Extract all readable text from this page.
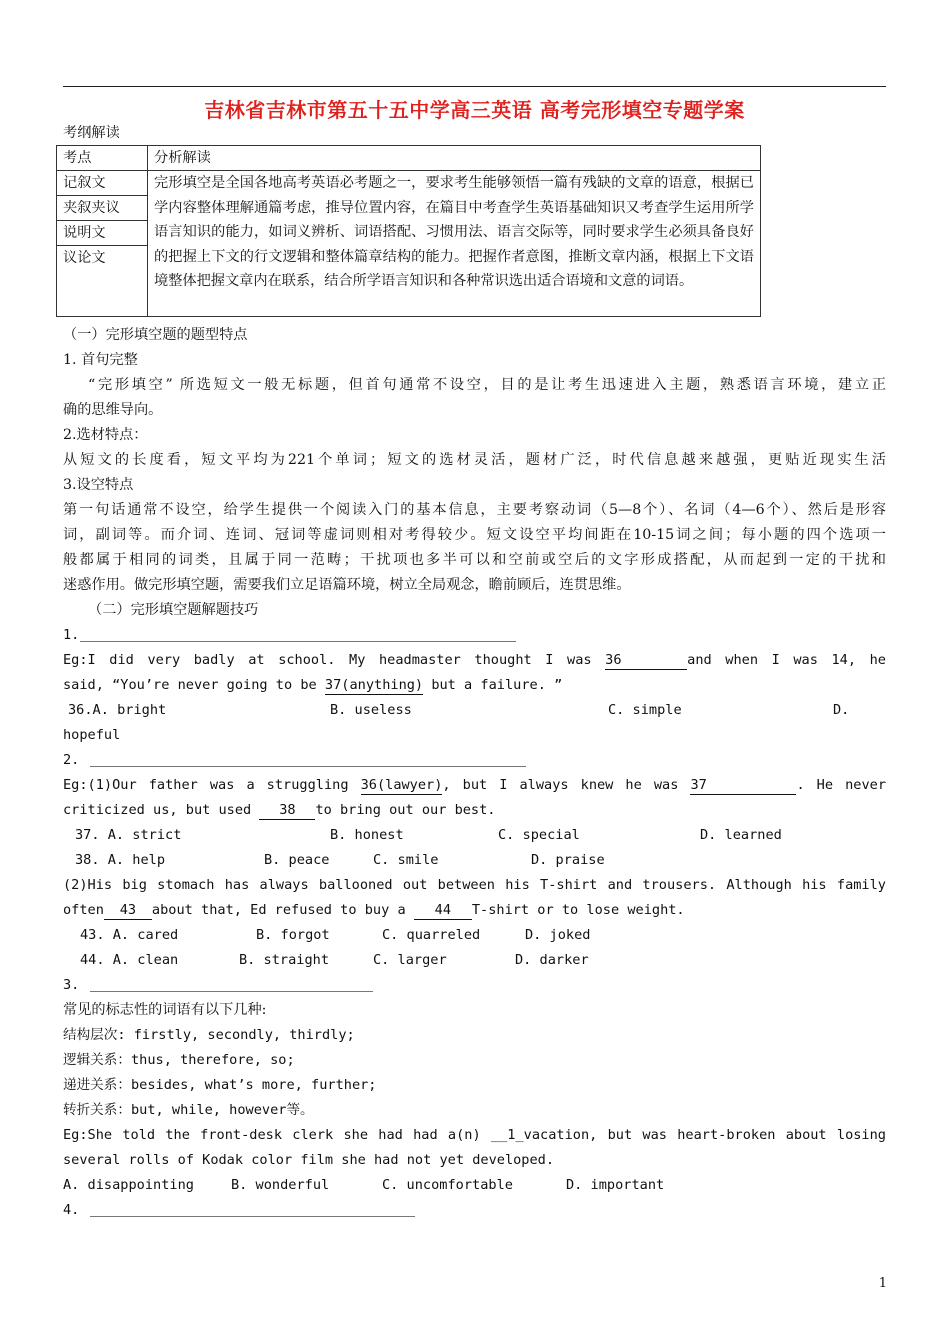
吉林省吉林市第五十五中学高三英语 高考完形填空专题学案
考纲解读
考点	分析解读
记叙文	完形填空是全国各地高考英语必考题之一，要求考生能够领悟一篇有残缺的文章的语意，根据已学内容整体理解通篇考虑，推导位置内容，在篇目中考查学生英语基础知识又考查学生运用所学语言知识的能力，如词义辨析、词语搭配、习惯用法、语言交际等，同时要求学生必须具备良好的把握上下文的行文逻辑和整体篇章结构的能力。把握作者意图，推断文章内涵，根据上下文语境整体把握文章内在联系，结合所学语言知识和各种常识选出适合语境和文意的词语。
夹叙夹议	
说明文	
议论文	
（一）完形填空题的题型特点
1. 首句完整
“完形填空” 所选短文一般无标题，但首句通常不设空，目的是让考生迅速进入主题，熟悉语言环境，建立正
确的思维导向。
2.选材特点：
从短文的长度看，短文平均为221个单词；短文的选材灵活，题材广泛，时代信息越来越强，更贴近现实生活
3.设空特点
第一句话通常不设空，给学生提供一个阅读入门的基本信息，主要考察动词（5—8个）、名词（4—6个）、然后是形容
词，副词等。而介词、连词、冠词等虚词则相对考得较少。短文设空平均间距在10-15词之间；每小题的四个选项一
般都属于相同的词类，且属于同一范畴；干扰项也多半可以和空前或空后的文字形成搭配，从而起到一定的干扰和
迷惑作用。做完形填空题，需要我们立足语篇环境，树立全局观念，瞻前顾后，连贯思维。
（二）完形填空题解题技巧
1.
Eg:I did very badly at school. My headmaster thought I was 36	and when I was 14, he
said, “You’re never going to be 37(anything) but a failure. ”
36.A. bright	B. useless	C. simple	D.
hopeful
2.
Eg:(1)Our father was a struggling 36(lawyer), but I always knew he was 37	. He never
criticized us, but used 38 to bring out our best.
37. A. strict	B. honest	C. special	D. learned
38. A. help	B. peace	C. smile	D. praise
(2)His big stomach has always ballooned out between his T-shirt and trousers. Although his family
often 43 about that, Ed refused to buy a 44 T-shirt or to lose weight.
43. A. cared	B. forgot	C. quarreled	D. joked
44. A. clean	B. straight	C. larger	D. darker
3.
常见的标志性的词语有以下几种:
结构层次: firstly, secondly, thirdly;
逻辑关系：thus, therefore, so;
递进关系：besides, what’s more, further;
转折关系：but, while, however等。
Eg:She told the front-desk clerk she had had a(n) __1_vacation, but was heart-broken about losing
several rolls of Kodak color film she had not yet developed.
A. disappointing	B. wonderful	C. uncomfortable	D. important
4.
1
